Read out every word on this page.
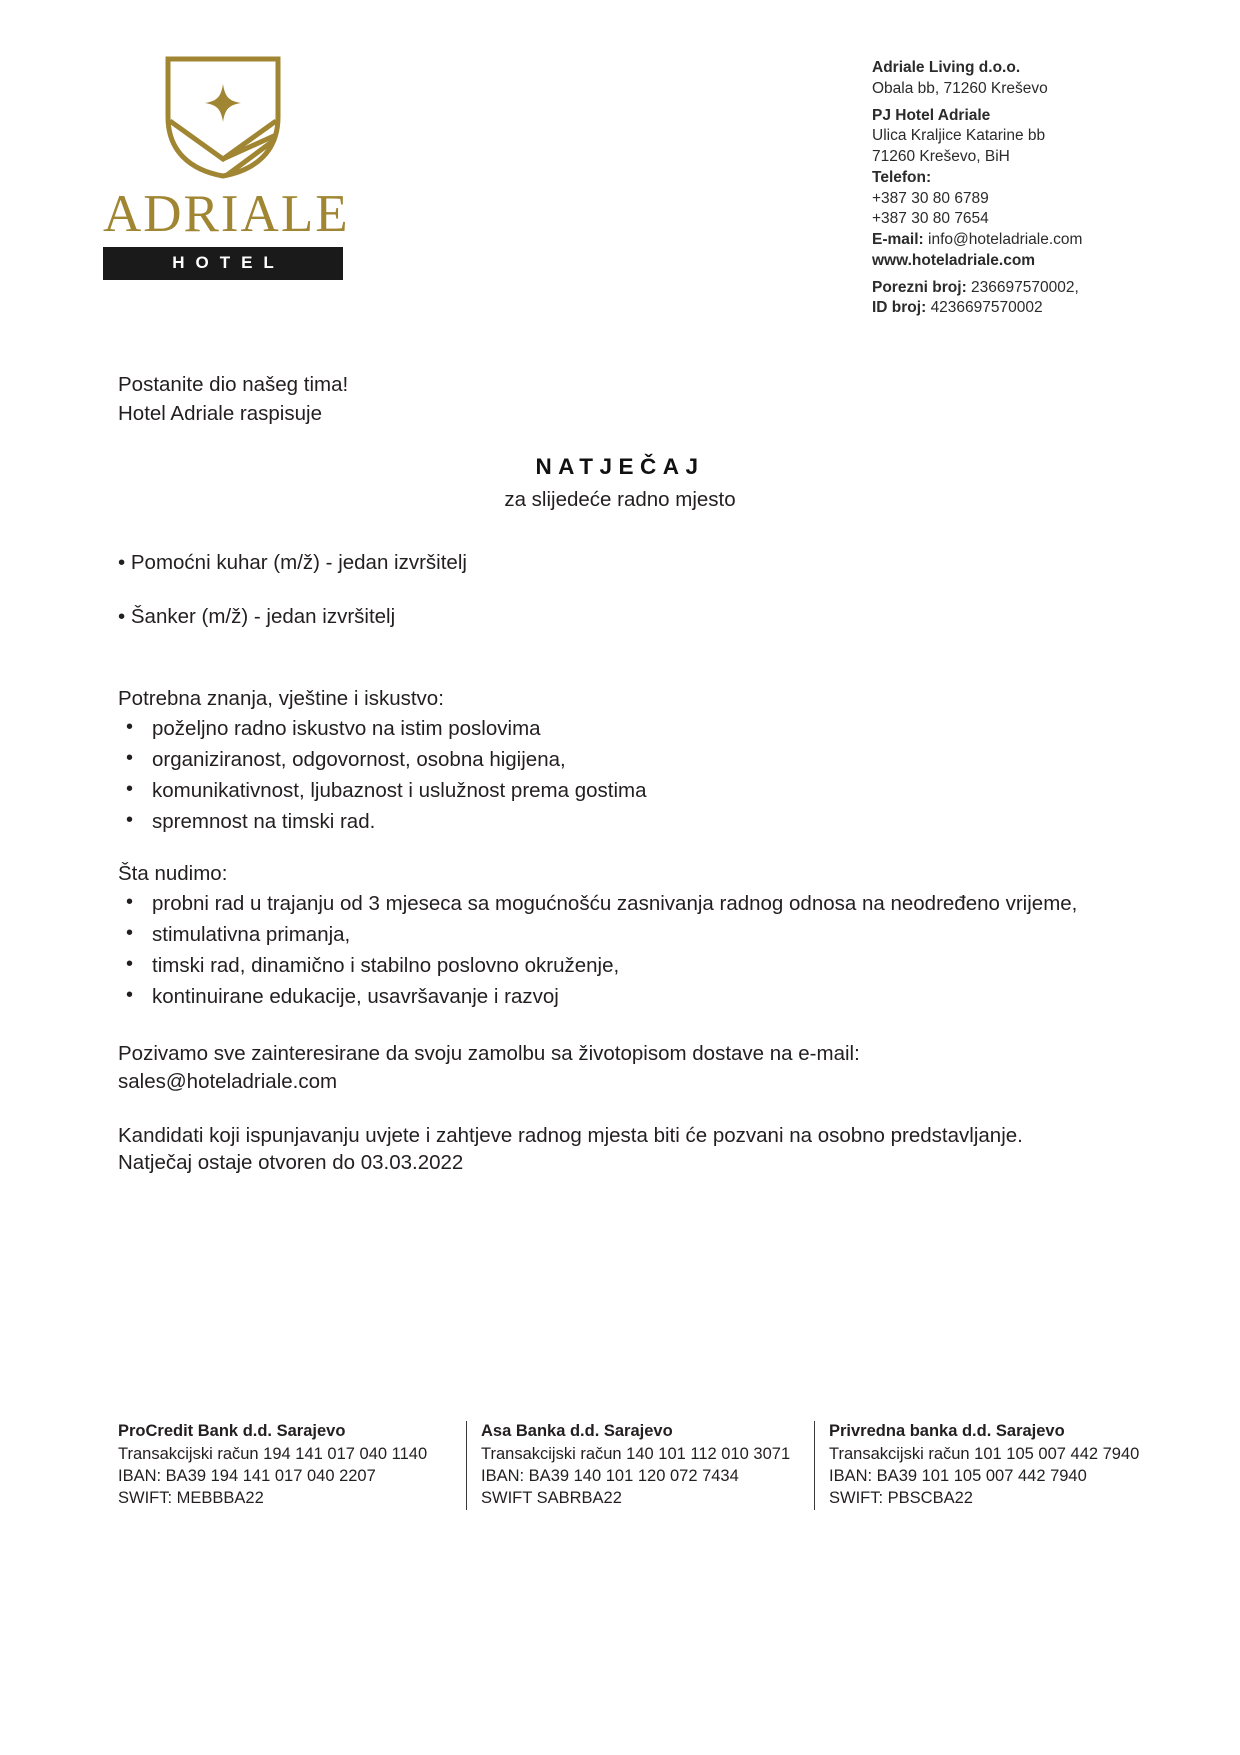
ADRIALE
HOTEL
Adriale Living d.o.o.
Obala bb, 71260 Kreševo
PJ Hotel Adriale
Ulica Kraljice Katarine bb
71260 Kreševo, BiH
Telefon:
+387 30 80 6789
+387 30 80 7654
E-mail: info@hoteladriale.com
www.hoteladriale.com
Porezni broj: 236697570002,
ID broj: 4236697570002
Postanite dio našeg tima!
Hotel Adriale raspisuje
NATJEČAJ
za slijedeće radno mjesto
• Pomoćni kuhar (m/ž) - jedan izvršitelj
• Šanker (m/ž) - jedan izvršitelj

Potrebna znanja, vještine i iskustvo:

• poželjno radno iskustvo na istim poslovima
• organiziranost, odgovornost, osobna higijena,
• komunikativnost, ljubaznost i uslužnost prema gostima
• spremnost na timski rad.

Šta nudimo:

• probni rad u trajanju od 3 mjeseca sa mogućnošću zasnivanja radnog odnosa na neodređeno vrijeme,
• stimulativna primanja,
• timski rad, dinamično i stabilno poslovno okruženje,
• kontinuirane edukacije, usavršavanje i razvoj

Pozivamo sve zainteresirane da svoju zamolbu sa životopisom dostave na e-mail:

sales@hoteladriale.com

Kandidati koji ispunjavanju uvjete i zahtjeve radnog mjesta biti će pozvani na osobno predstavljanje.

Natječaj ostaje otvoren do 03.03.2022

ProCredit Bank d.d. Sarajevo
Transakcijski račun 194 141 017 040 1140
IBAN: BA39 194 141 017 040 2207
SWIFT: MEBBBA22
Asa Banka d.d. Sarajevo
Transakcijski račun 140 101 112 010 3071
IBAN: BA39 140 101 120 072 7434
SWIFT SABRBA22
Privredna banka d.d. Sarajevo
Transakcijski račun 101 105 007 442 7940
IBAN: BA39 101 105 007 442 7940
SWIFT: PBSCBA22
